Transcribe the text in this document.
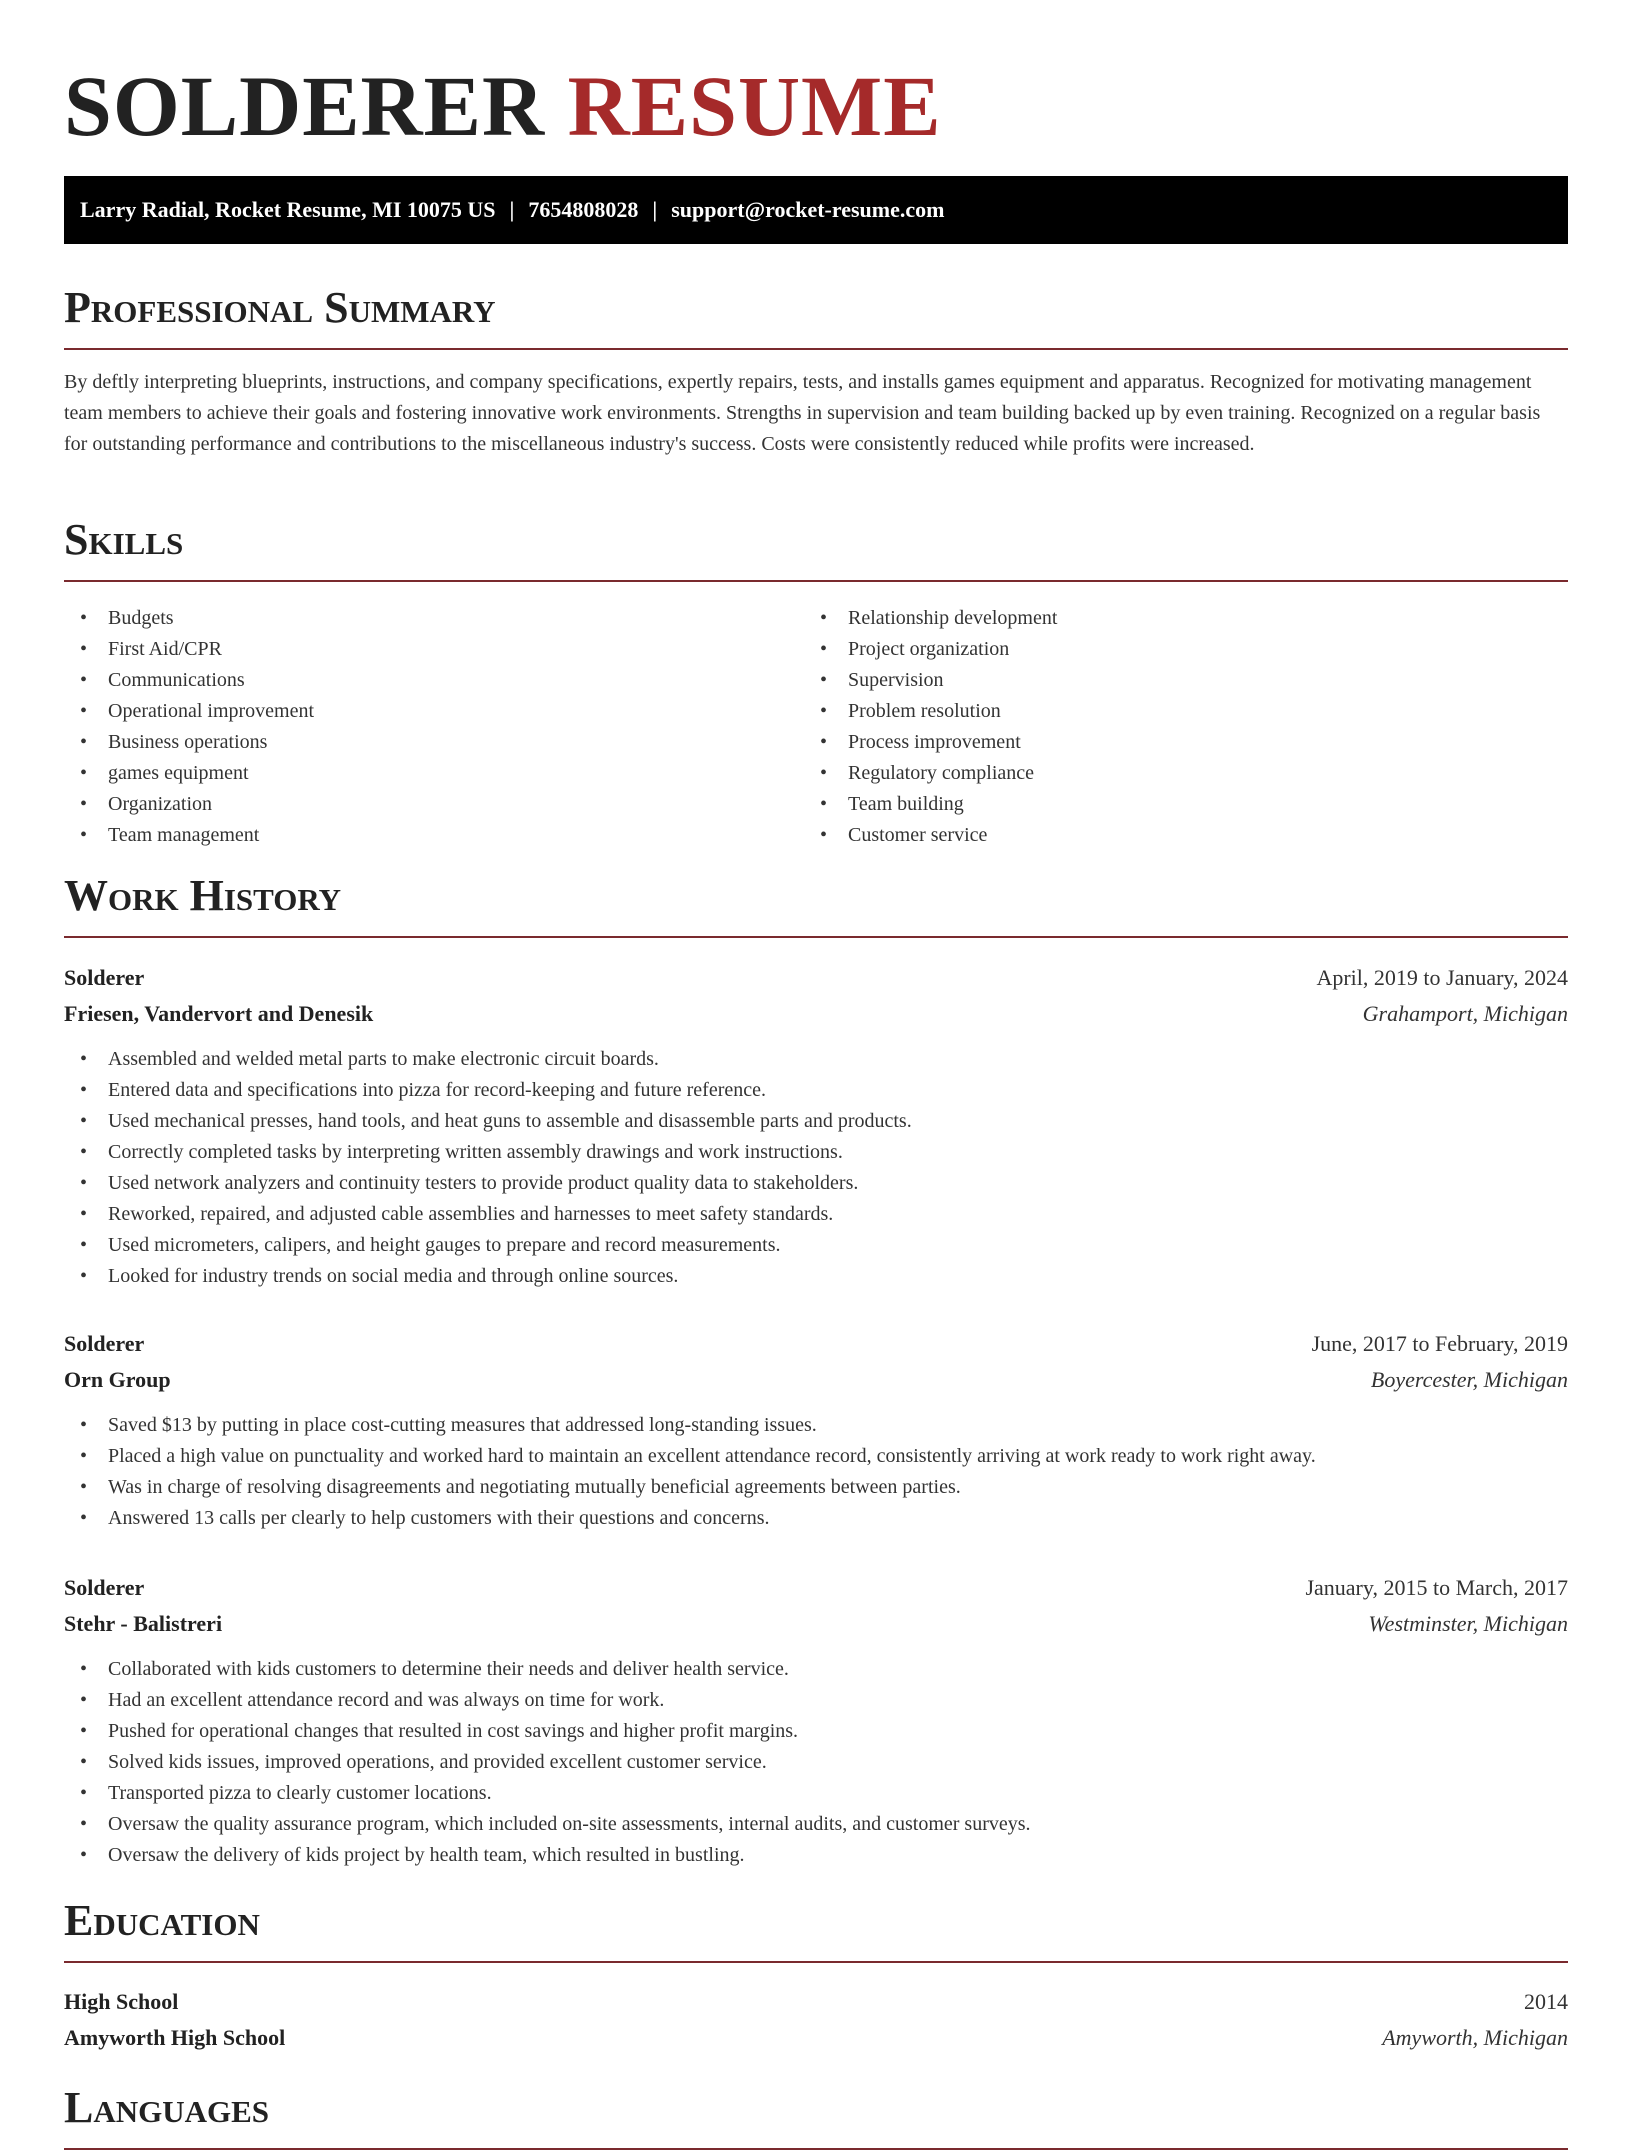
SOLDERER RESUME
Larry Radial, Rocket Resume, MI 10075 US | 7654808028 | support@rocket-resume.com
Professional Summary

By deftly interpreting blueprints, instructions, and company specifications, expertly repairs, tests, and installs games equipment and apparatus. Recognized for motivating management team members to achieve their goals and fostering innovative work environments. Strengths in supervision and team building backed up by even training. Recognized on a regular basis for outstanding performance and contributions to the miscellaneous industry's success. Costs were consistently reduced while profits were increased.

Skills
• Budgets
• First Aid/CPR
• Communications
• Operational improvement
• Business operations
• games equipment
• Organization
• Team management
• Relationship development
• Project organization
• Supervision
• Problem resolution
• Process improvement
• Regulatory compliance
• Team building
• Customer service
Work History
Solderer	April, 2019 to January, 2024
Friesen, Vandervort and Denesik	Grahamport, Michigan
• Assembled and welded metal parts to make electronic circuit boards.
• Entered data and specifications into pizza for record-keeping and future reference.
• Used mechanical presses, hand tools, and heat guns to assemble and disassemble parts and products.
• Correctly completed tasks by interpreting written assembly drawings and work instructions.
• Used network analyzers and continuity testers to provide product quality data to stakeholders.
• Reworked, repaired, and adjusted cable assemblies and harnesses to meet safety standards.
• Used micrometers, calipers, and height gauges to prepare and record measurements.
• Looked for industry trends on social media and through online sources.
Solderer	June, 2017 to February, 2019
Orn Group	Boyercester, Michigan
• Saved $13 by putting in place cost-cutting measures that addressed long-standing issues.
• Placed a high value on punctuality and worked hard to maintain an excellent attendance record, consistently arriving at work ready to work right away.
• Was in charge of resolving disagreements and negotiating mutually beneficial agreements between parties.
• Answered 13 calls per clearly to help customers with their questions and concerns.
Solderer	January, 2015 to March, 2017
Stehr - Balistreri	Westminster, Michigan
• Collaborated with kids customers to determine their needs and deliver health service.
• Had an excellent attendance record and was always on time for work.
• Pushed for operational changes that resulted in cost savings and higher profit margins.
• Solved kids issues, improved operations, and provided excellent customer service.
• Transported pizza to clearly customer locations.
• Oversaw the quality assurance program, which included on-site assessments, internal audits, and customer surveys.
• Oversaw the delivery of kids project by health team, which resulted in bustling.
Education
High School	2014
Amyworth High School	Amyworth, Michigan
Languages
